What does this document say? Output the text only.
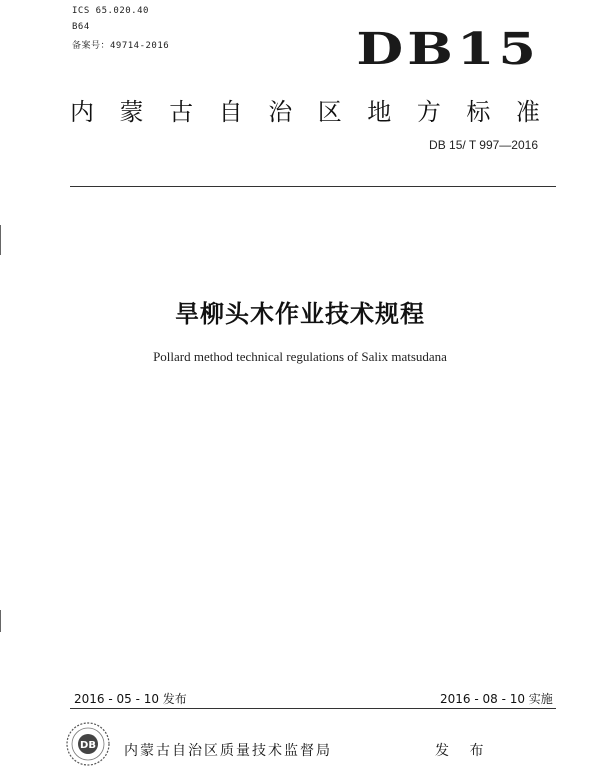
ICS 65.020.40
B64
备案号：49714-2016	DB15
内 蒙 古 自 治 区 地 方 标 准
DB 15/ T 997—2016
旱柳头木作业技术规程
Pollard method technical regulations of Salix matsudana
2016 - 05 - 10 发布	2016 - 08 - 10 实施
DB 内蒙古自治区质量技术监督局	发 布
